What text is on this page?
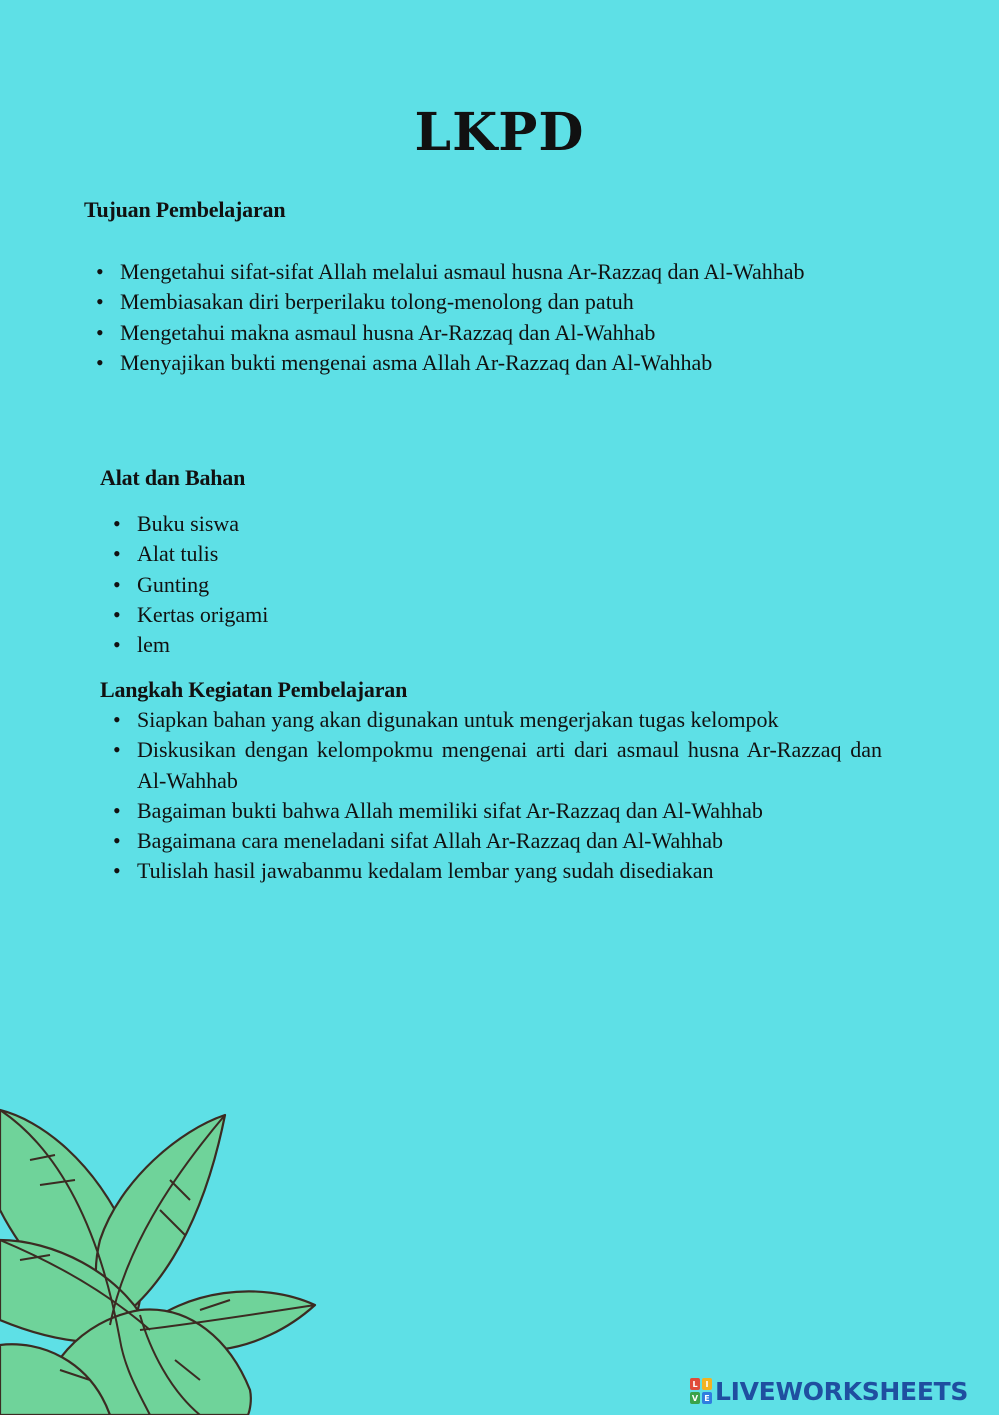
LKPD
Tujuan Pembelajaran
• Mengetahui sifat-sifat Allah melalui asmaul husna Ar-Razzaq dan Al-Wahhab
• Membiasakan diri berperilaku tolong-menolong dan patuh
• Mengetahui makna asmaul husna Ar-Razzaq dan Al-Wahhab
• Menyajikan bukti mengenai asma Allah Ar-Razzaq dan Al-Wahhab
Alat dan Bahan
• Buku siswa
• Alat tulis
• Gunting
• Kertas origami
• lem
Langkah Kegiatan Pembelajaran
• Siapkan bahan yang akan digunakan untuk mengerjakan tugas kelompok
• Diskusikan dengan kelompokmu mengenai arti dari asmaul husna Ar-Razzaq dan Al-Wahhab
• Bagaiman bukti bahwa Allah memiliki sifat Ar-Razzaq dan Al-Wahhab
• Bagaimana cara meneladani sifat Allah Ar-Razzaq dan Al-Wahhab
• Tulislah hasil jawabanmu kedalam lembar yang sudah disediakan
L I
V E LIVEWORKSHEETS
